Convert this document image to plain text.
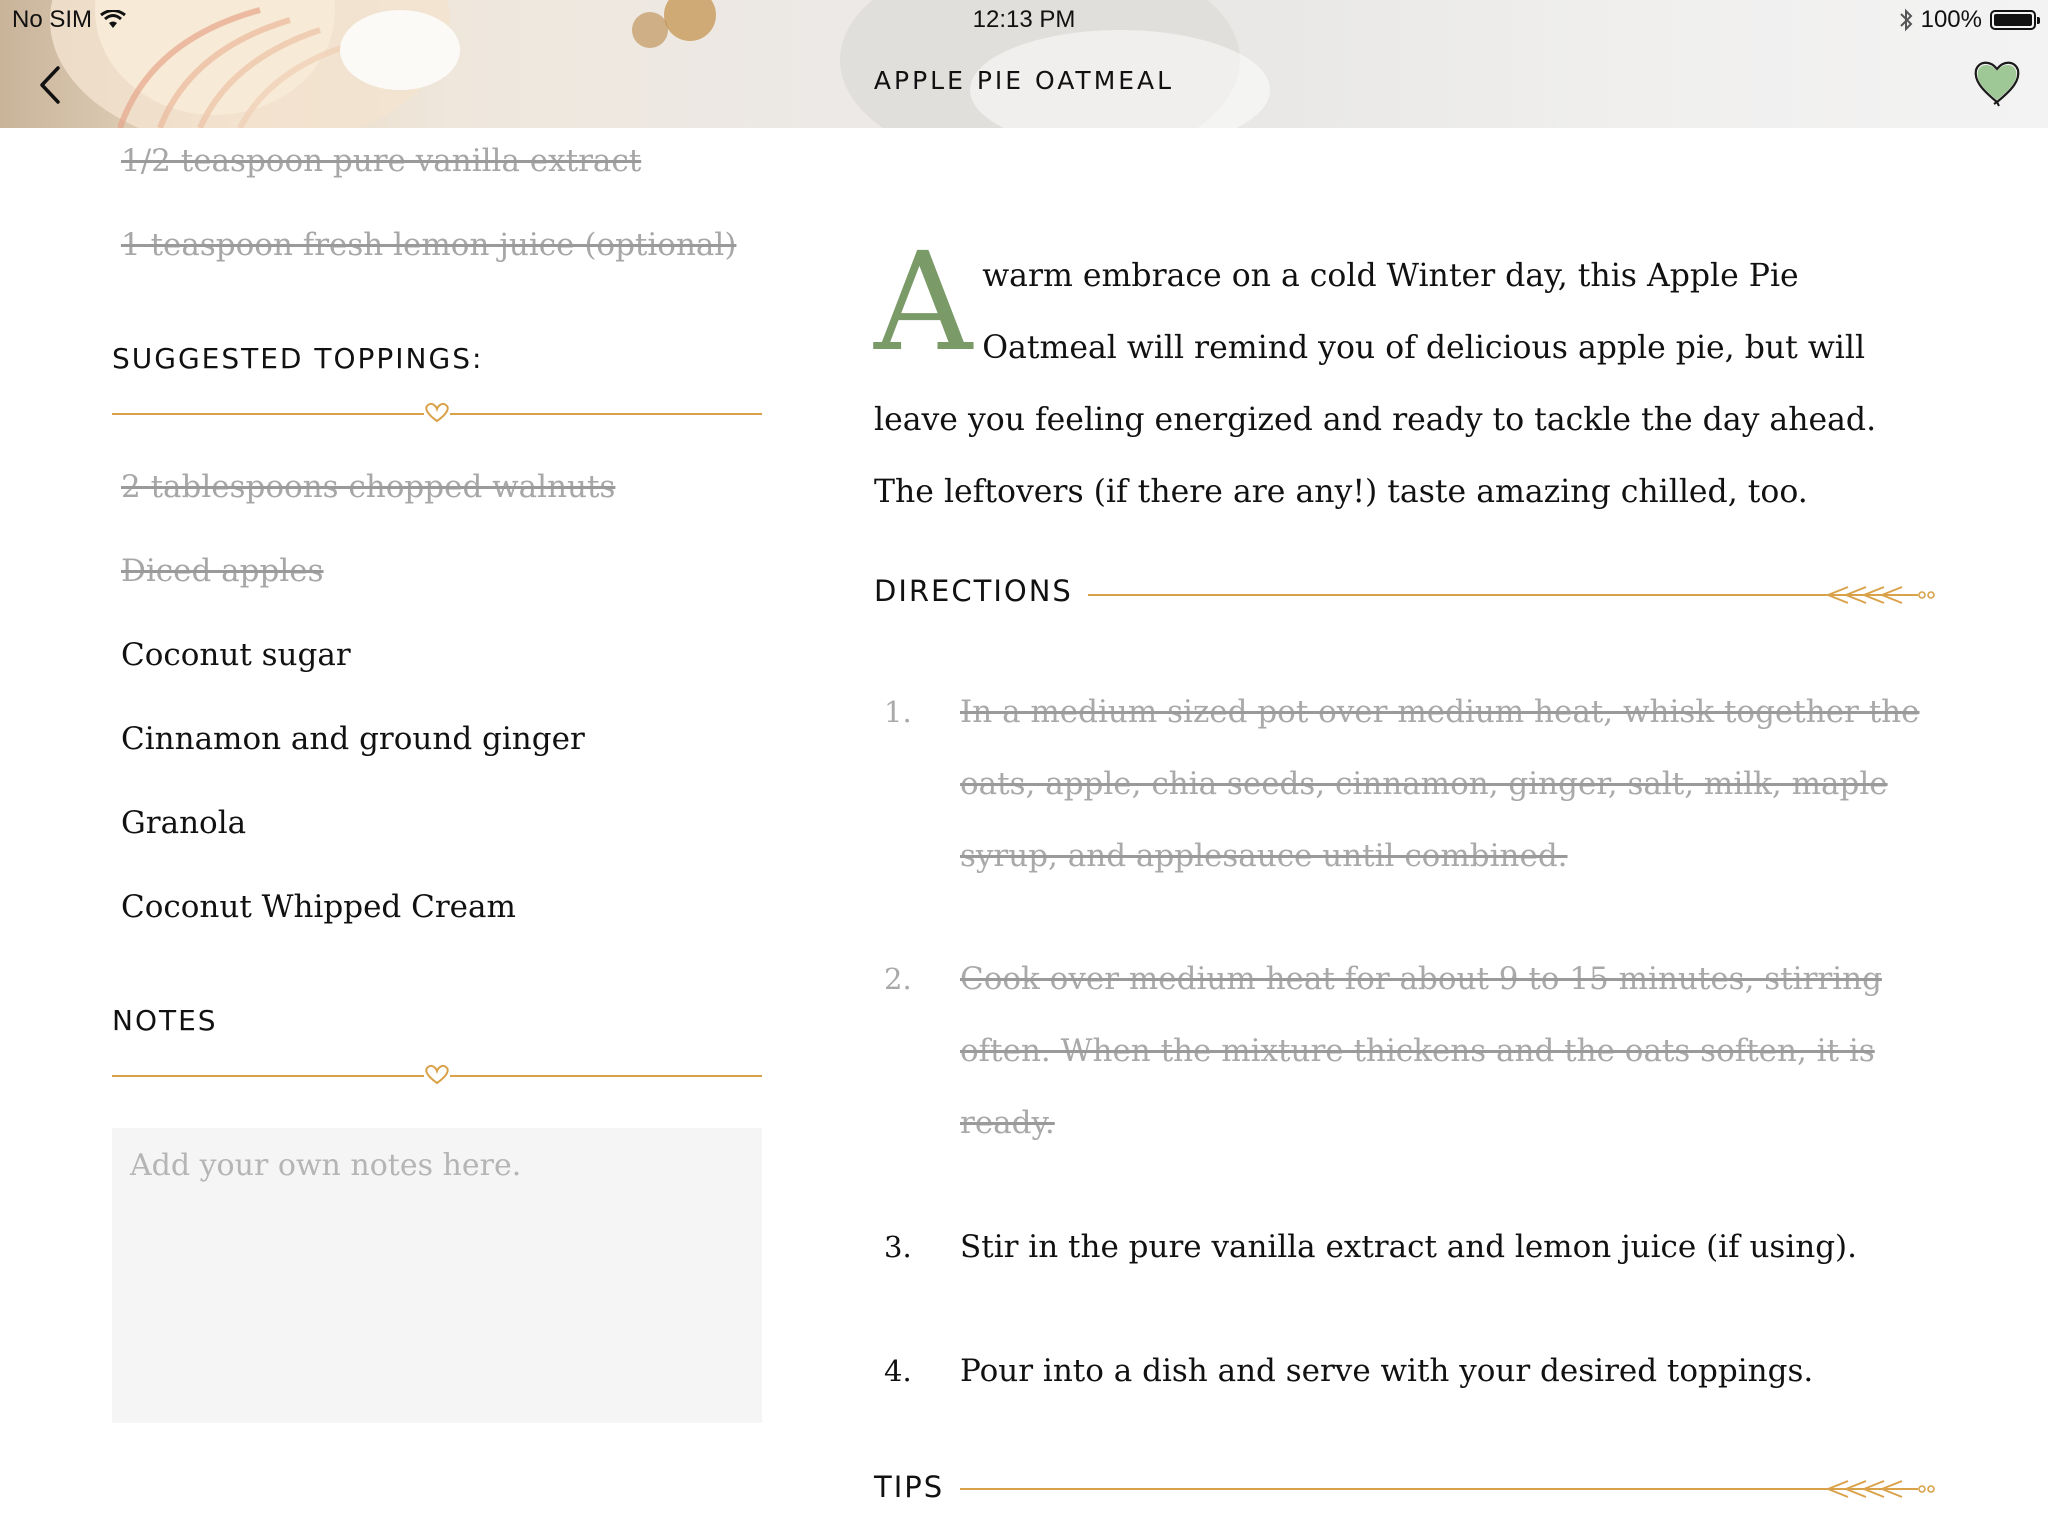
No SIM	12:13 PM	100%
APPLE PIE OATMEAL
1/2 teaspoon pure vanilla extract
1 teaspoon fresh lemon juice (optional)
SUGGESTED TOPPINGS:
2 tablespoons chopped walnuts
Diced apples
Coconut sugar
Cinnamon and ground ginger
Granola
Coconut Whipped Cream
NOTES
Add your own notes here.
A warm embrace on a cold Winter day, this Apple Pie Oatmeal will remind you of delicious apple pie, but will leave you feeling energized and ready to tackle the day ahead. The leftovers (if there are any!) taste amazing chilled, too.
DIRECTIONS
1. In a medium sized pot over medium heat, whisk together the oats, apple, chia seeds, cinnamon, ginger, salt, milk, maple syrup, and applesauce until combined.
2. Cook over medium heat for about 9 to 15 minutes, stirring often. When the mixture thickens and the oats soften, it is ready.
3. Stir in the pure vanilla extract and lemon juice (if using).
4. Pour into a dish and serve with your desired toppings.
TIPS
